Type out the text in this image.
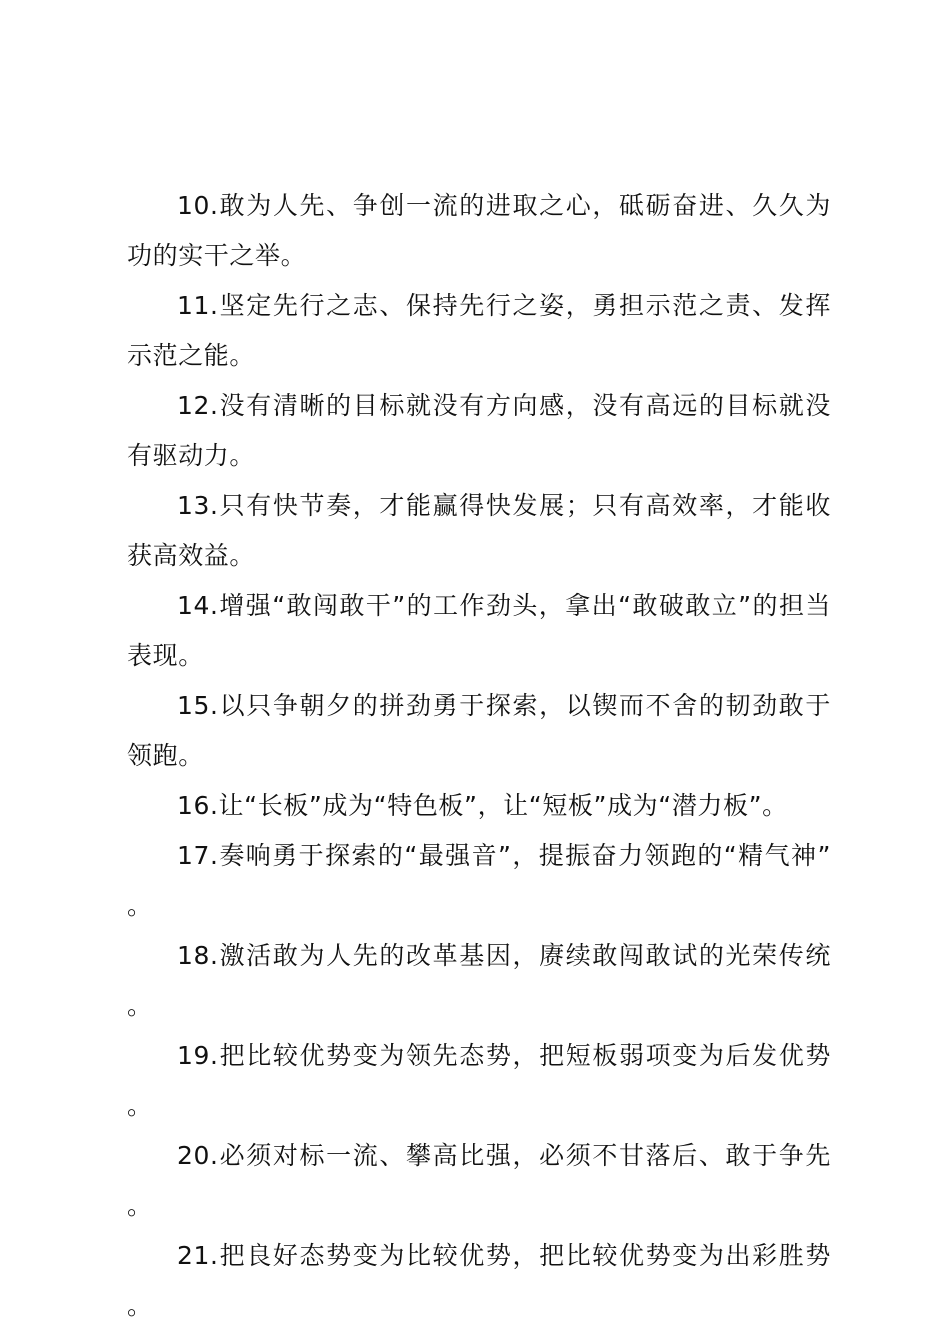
10.敢为人先、争创一流的进取之心，砥砺奋进、久久为功的实干之举。

11.坚定先行之志、保持先行之姿，勇担示范之责、发挥示范之能。

12.没有清晰的目标就没有方向感，没有高远的目标就没有驱动力。

13.只有快节奏，才能赢得快发展；只有高效率，才能收获高效益。

14.增强“敢闯敢干”的工作劲头，拿出“敢破敢立”的担当表现。

15.以只争朝夕的拼劲勇于探索，以锲而不舍的韧劲敢于领跑。

16.让“长板”成为“特色板”，让“短板”成为“潜力板”。

17.奏响勇于探索的“最强音”，提振奋力领跑的“精气神”。

18.激活敢为人先的改革基因，赓续敢闯敢试的光荣传统。

19.把比较优势变为领先态势，把短板弱项变为后发优势。

20.必须对标一流、攀高比强，必须不甘落后、敢于争先。

21.把良好态势变为比较优势，把比较优势变为出彩胜势。
